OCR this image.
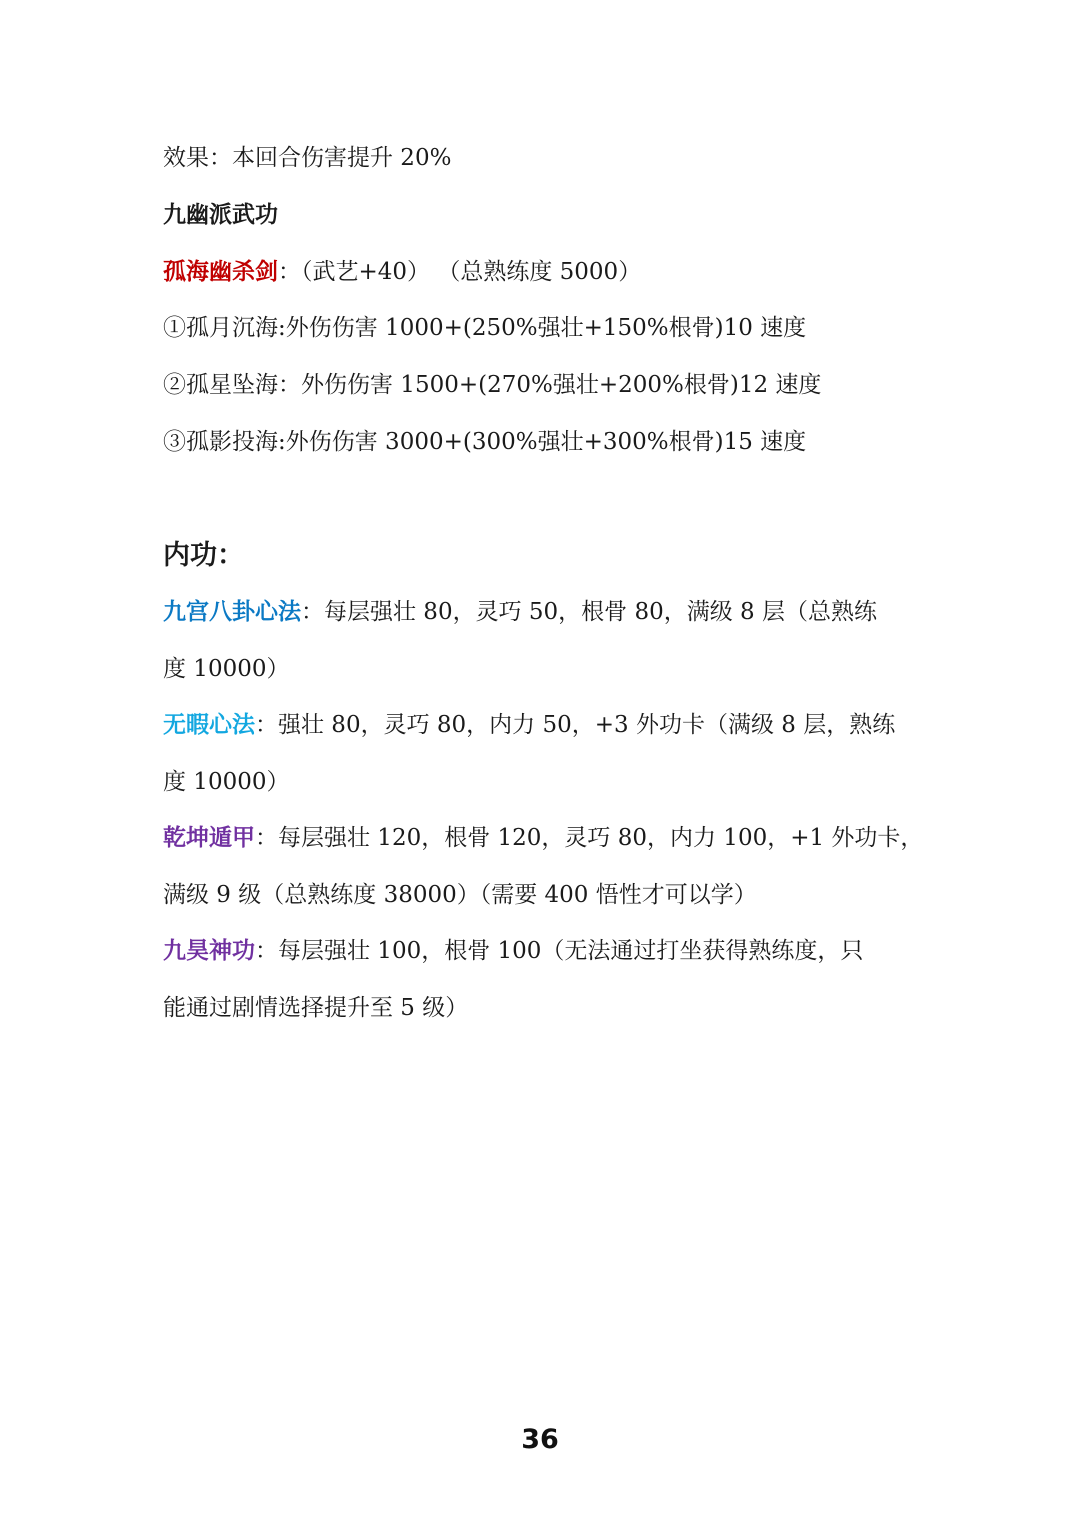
效果：本回合伤害提升 20%
九幽派武功
孤海幽杀剑：（武艺+40） （总熟练度 5000）
①孤月沉海:外伤伤害 1000+(250%强壮+150%根骨)10 速度
②孤星坠海：外伤伤害 1500+(270%强壮+200%根骨)12 速度
③孤影投海:外伤伤害 3000+(300%强壮+300%根骨)15 速度
内功：
九宫八卦心法：每层强壮 80，灵巧 50，根骨 80，满级 8 层（总熟练
度 10000）
无暇心法：强壮 80，灵巧 80，内力 50，+3 外功卡（满级 8 层，熟练
度 10000）
乾坤遁甲：每层强壮 120，根骨 120，灵巧 80，内力 100，+1 外功卡，
满级 9 级（总熟练度 38000）（需要 400 悟性才可以学）
九昊神功：每层强壮 100，根骨 100（无法通过打坐获得熟练度，只
能通过剧情选择提升至 5 级）
36
